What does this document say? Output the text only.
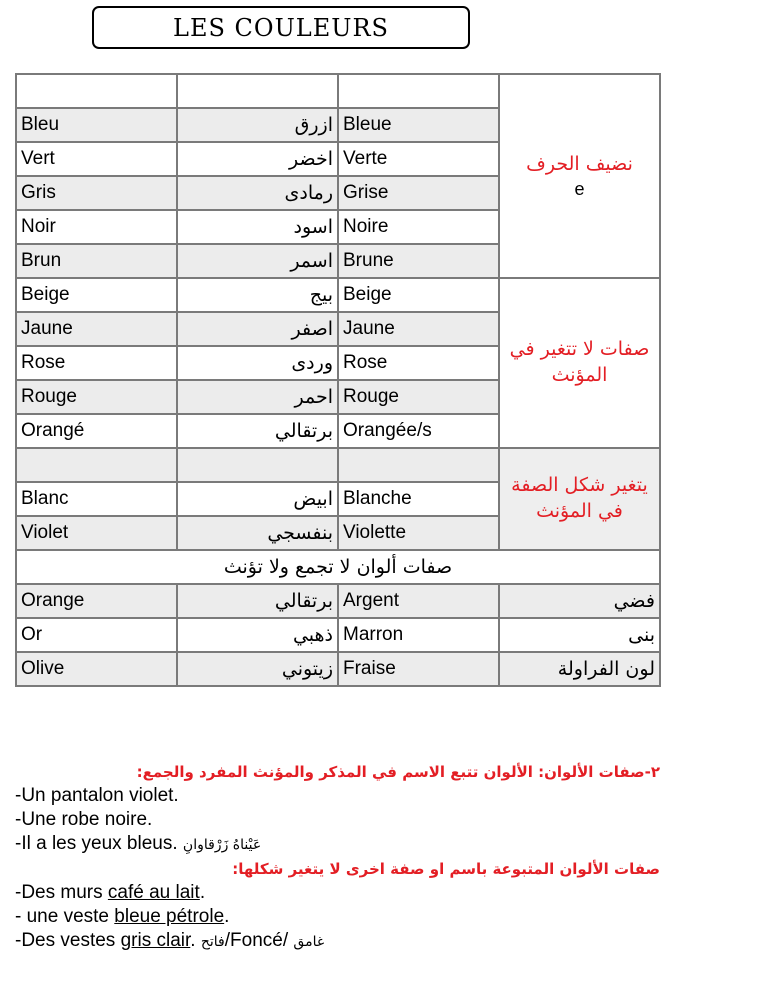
LES COULEURS

			نضيف الحرف
e

Bleu	ازرق	Bleue	
Vert	اخضر	Verte	
Gris	رمادى	Grise	
Noir	اسود	Noire	
Brun	اسمر	Brune	
Beige	بيج	Beige	صفات لا تتغير في المؤنث

Jaune	اصفر	Jaune	
Rose	وردى	Rose	
Rouge	احمر	Rouge	
Orangé	برتقالي	Orangée/s	

			يتغير شكل الصفة في المؤنث

Blanc	ابيض	Blanche	
Violet	بنفسجي	Violette	
صفات ألوان لا تجمع ولا تؤنث			
Orange	برتقالي	Argent	فضي
Or	ذهبي	Marron	بنى
Olive	زيتوني	Fraise	لون الفراولة

٢-صفات الألوان: الألوان تتبع الاسم في المذكر والمؤنث المفرد والجمع:

-Un pantalon violet.

-Une robe noire.

-Il a les yeux bleus. عَيْناهُ زَرْقاوانِ

صفات الألوان المتبوعة باسم او صفة اخرى لا يتغير شكلها:

-Des murs café au lait.

- une veste bleue pétrole.

-Des vestes gris clair. فاتح/Foncé/ غامق
